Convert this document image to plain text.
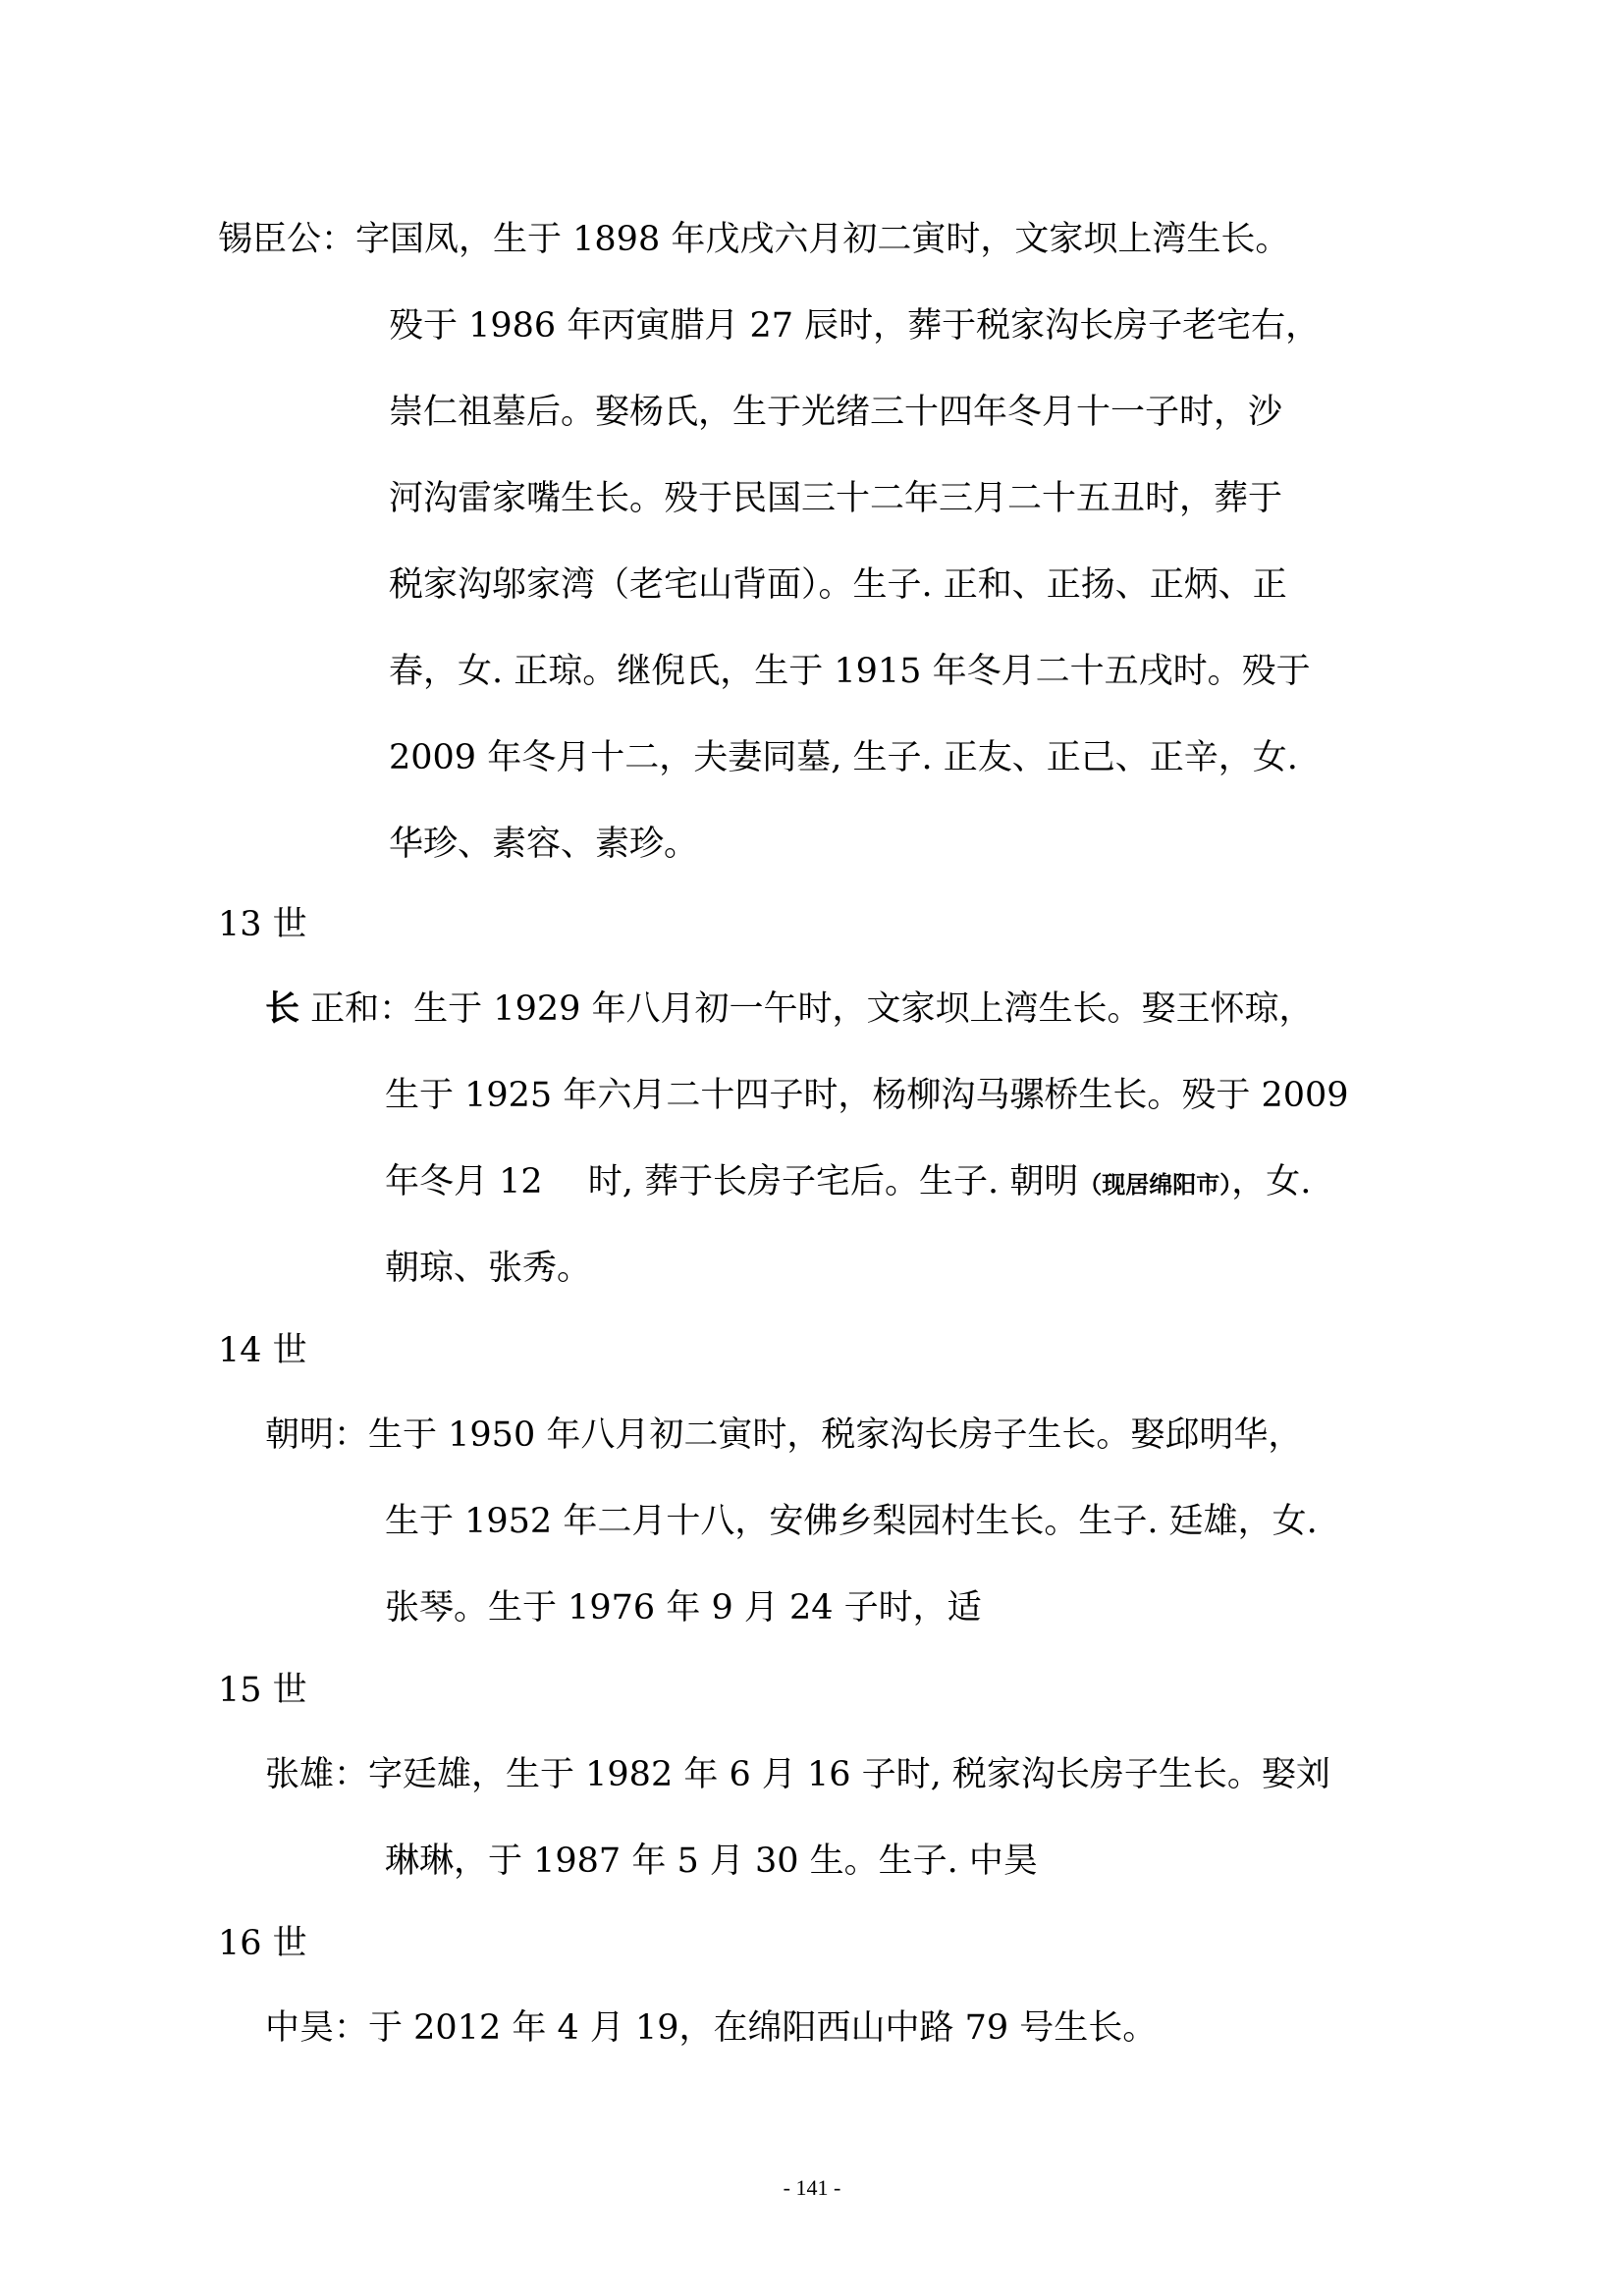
锡臣公：字国凤，生于 1898 年戊戌六月初二寅时，文家坝上湾生长。
殁于 1986 年丙寅腊月 27 辰时，葬于税家沟长房子老宅右，
崇仁祖墓后。娶杨氏，生于光绪三十四年冬月十一子时，沙
河沟雷家嘴生长。殁于民国三十二年三月二十五丑时，葬于
税家沟邬家湾（老宅山背面）。生子. 正和、正扬、正炳、正
春，女. 正琼。继倪氏，生于 1915 年冬月二十五戌时。殁于
2009 年冬月十二，夫妻同墓, 生子. 正友、正己、正辛，女.
华珍、素容、素珍。
13 世
长 正和：生于 1929 年八月初一午时，文家坝上湾生长。娶王怀琼，
生于 1925 年六月二十四子时，杨柳沟马骡桥生长。殁于 2009
年冬月 12　 时, 葬于长房子宅后。生子. 朝明（现居绵阳市），女.
朝琼、张秀。
14 世
朝明：生于 1950 年八月初二寅时，税家沟长房子生长。娶邱明华，
生于 1952 年二月十八，安佛乡梨园村生长。生子. 廷雄，女.
张琴。生于 1976 年 9 月 24 子时，适
15 世
张雄：字廷雄，生于 1982 年 6 月 16 子时, 税家沟长房子生长。娶刘
琳琳，于 1987 年 5 月 30 生。生子. 中昊
16 世
中昊：于 2012 年 4 月 19，在绵阳西山中路 79 号生长。
- 141 -
